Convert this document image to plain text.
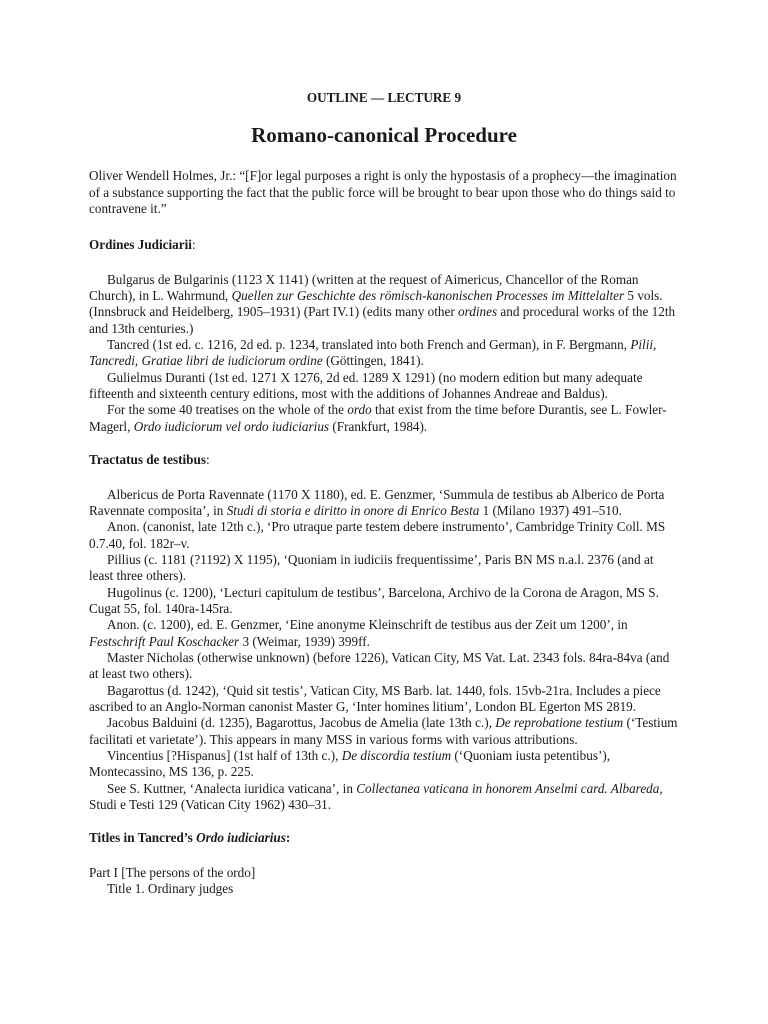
OUTLINE — LECTURE 9

Romano-canonical Procedure

Oliver Wendell Holmes, Jr.: “[F]or legal purposes a right is only the hypostasis of a prophecy—the imagination of a substance supporting the fact that the public force will be brought to bear upon those who do things said to contravene it.”

Ordines Judiciarii:

Bulgarus de Bulgarinis (1123 X 1141) (written at the request of Aimericus, Chancellor of the Roman Church), in L. Wahrmund, Quellen zur Geschichte des römisch-kanonischen Processes im Mittelalter 5 vols. (Innsbruck and Heidelberg, 1905–1931) (Part IV.1) (edits many other ordines and procedural works of the 12th and 13th centuries.)

Tancred (1st ed. c. 1216, 2d ed. p. 1234, translated into both French and German), in F. Bergmann, Pilii, Tancredi, Gratiae libri de iudiciorum ordine (Göttingen, 1841).

Gulielmus Duranti (1st ed. 1271 X 1276, 2d ed. 1289 X 1291) (no modern edition but many adequate fifteenth and sixteenth century editions, most with the additions of Johannes Andreae and Baldus).

For the some 40 treatises on the whole of the ordo that exist from the time before Durantis, see L. Fowler-Magerl, Ordo iudiciorum vel ordo iudiciarius (Frankfurt, 1984).

Tractatus de testibus:

Albericus de Porta Ravennate (1170 X 1180), ed. E. Genzmer, ‘Summula de testibus ab Alberico de Porta Ravennate composita’, in Studi di storia e diritto in onore di Enrico Besta 1 (Milano 1937) 491–510.

Anon. (canonist, late 12th c.), ‘Pro utraque parte testem debere instrumento’, Cambridge Trinity Coll. MS 0.7.40, fol. 182r–v.

Pillius (c. 1181 (?1192) X 1195), ‘Quoniam in iudiciis frequentissime’, Paris BN MS n.a.l. 2376 (and at least three others).

Hugolinus (c. 1200), ‘Lecturi capitulum de testibus’, Barcelona, Archivo de la Corona de Aragon, MS S. Cugat 55, fol. 140ra-145ra.

Anon. (c. 1200), ed. E. Genzmer, ‘Eine anonyme Kleinschrift de testibus aus der Zeit um 1200’, in Festschrift Paul Koschacker 3 (Weimar, 1939) 399ff.

Master Nicholas (otherwise unknown) (before 1226), Vatican City, MS Vat. Lat. 2343 fols. 84ra-84va (and at least two others).

Bagarottus (d. 1242), ‘Quid sit testis’, Vatican City, MS Barb. lat. 1440, fols. 15vb-21ra. Includes a piece ascribed to an Anglo-Norman canonist Master G, ‘Inter homines litium’, London BL Egerton MS 2819.

Jacobus Balduini (d. 1235), Bagarottus, Jacobus de Amelia (late 13th c.), De reprobatione testium (‘Testium facilitati et varietate’). This appears in many MSS in various forms with various attributions.

Vincentius [?Hispanus] (1st half of 13th c.), De discordia testium (‘Quoniam iusta petentibus’), Montecassino, MS 136, p. 225.

See S. Kuttner, ‘Analecta iuridica vaticana’, in Collectanea vaticana in honorem Anselmi card. Albareda, Studi e Testi 129 (Vatican City 1962) 430–31.

Titles in Tancred’s Ordo iudiciarius:

Part I [The persons of the ordo]

Title 1. Ordinary judges
